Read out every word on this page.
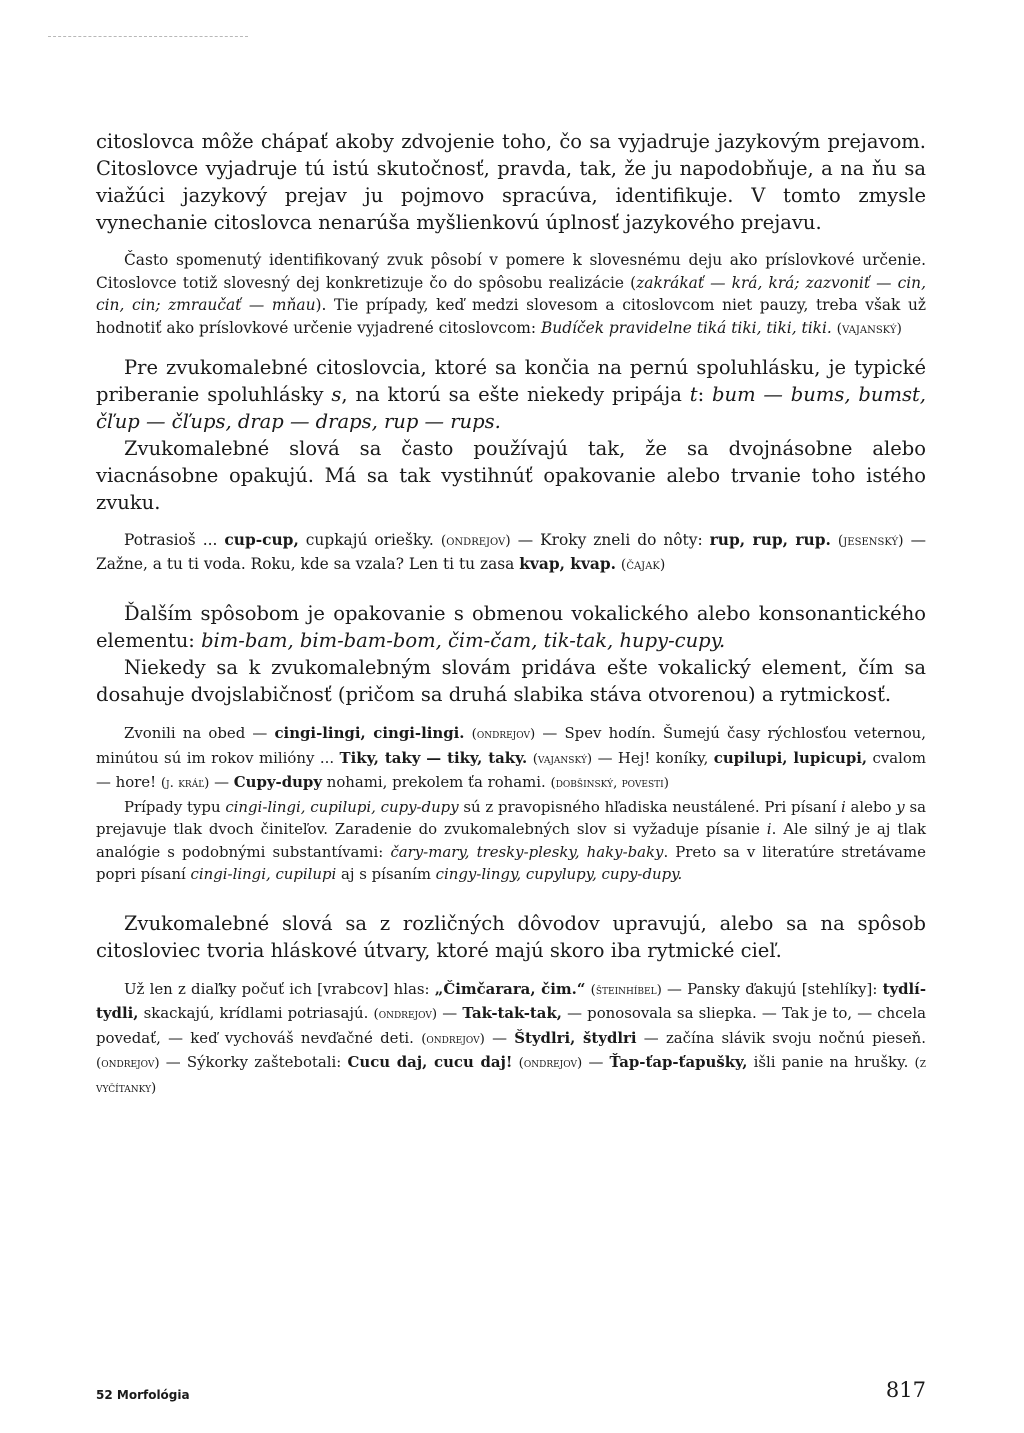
citoslovca môže chápať akoby zdvojenie toho, čo sa vyjadruje jazykovým prejavom. Citoslovce vyjadruje tú istú skutočnosť, pravda, tak, že ju napodobňuje, a na ňu sa viažúci jazykový prejav ju pojmovo spracúva, identifikuje. V tomto zmysle vynechanie citoslovca nenarúša myšlienkovú úplnosť jazykového prejavu.

Často spomenutý identifikovaný zvuk pôsobí v pomere k slovesnému deju ako príslovkové určenie. Citoslovce totiž slovesný dej konkretizuje čo do spôsobu realizácie (zakrákať — krá, krá; zazvoniť — cin, cin, cin; zmraučať — mňau). Tie prípady, keď medzi slovesom a citoslovcom niet pauzy, treba však už hodnotiť ako príslovkové určenie vyjadrené citoslovcom: Budíček pravidelne tiká tiki, tiki, tiki. (vajanský)

Pre zvukomalebné citoslovcia, ktoré sa končia na pernú spoluhlásku, je typické priberanie spoluhlásky s, na ktorú sa ešte niekedy pripája t: bum — bums, bumst, čľup — čľups, drap — draps, rup — rups.

Zvukomalebné slová sa často používajú tak, že sa dvojnásobne alebo viacnásobne opakujú. Má sa tak vystihnúť opakovanie alebo trvanie toho istého zvuku.

Potrasioš ... cup-cup, cupkajú oriešky. (ondrejov) — Kroky zneli do nôty: rup, rup, rup. (jesenský) — Zažne, a tu ti voda. Roku, kde sa vzala? Len ti tu zasa kvap, kvap. (čajak)

Ďalším spôsobom je opakovanie s obmenou vokalického alebo konsonantického elementu: bim-bam, bim-bam-bom, čim-čam, tik-tak, hupy-cupy.

Niekedy sa k zvukomalebným slovám pridáva ešte vokalický element, čím sa dosahuje dvojslabičnosť (pričom sa druhá slabika stáva otvorenou) a rytmickosť.

Zvonili na obed — cingi-lingi, cingi-lingi. (ondrejov) — Spev hodín. Šumejú časy rýchlosťou veternou, minútou sú im rokov milióny ... Tiky, taky — tiky, taky. (vajanský) — Hej! koníky, cupilupi, lupicupi, cvalom — hore! (j. kráľ) — Cupy-dupy nohami, prekolem ťa rohami. (dobšinský, povesti)

Prípady typu cingi-lingi, cupilupi, cupy-dupy sú z pravopisného hľadiska neustálené. Pri písaní i alebo y sa prejavuje tlak dvoch činiteľov. Zaradenie do zvukomalebných slov si vyžaduje písanie i. Ale silný je aj tlak analógie s podobnými substantívami: čary-mary, tresky-plesky, haky-baky. Preto sa v literatúre stretávame popri písaní cingi-lingi, cupilupi aj s písaním cingy-lingy, cupylupy, cupy-dupy.

Zvukomalebné slová sa z rozličných dôvodov upravujú, alebo sa na spôsob citosloviec tvoria hláskové útvary, ktoré majú skoro iba rytmické cieľ.

Už len z diaľky počuť ich [vrabcov] hlas: „Čimčarara, čim.“ (šteinhíbel) — Pansky ďakujú [stehlíky]: tydlí-tydli, skackajú, krídlami potriasajú. (ondrejov) — Tak-tak-tak, — ponosovala sa sliepka. — Tak je to, — chcela povedať, — keď vychováš nevďačné deti. (ondrejov) — Štydlri, štydlri — začína slávik svoju nočnú pieseň. (ondrejov) — Sýkorky zaštebotali: Cucu daj, cucu daj! (ondrejov) — Ťap-ťap-ťapušky, išli panie na hrušky. (z vyčítanky)

52 Morfológia	817
